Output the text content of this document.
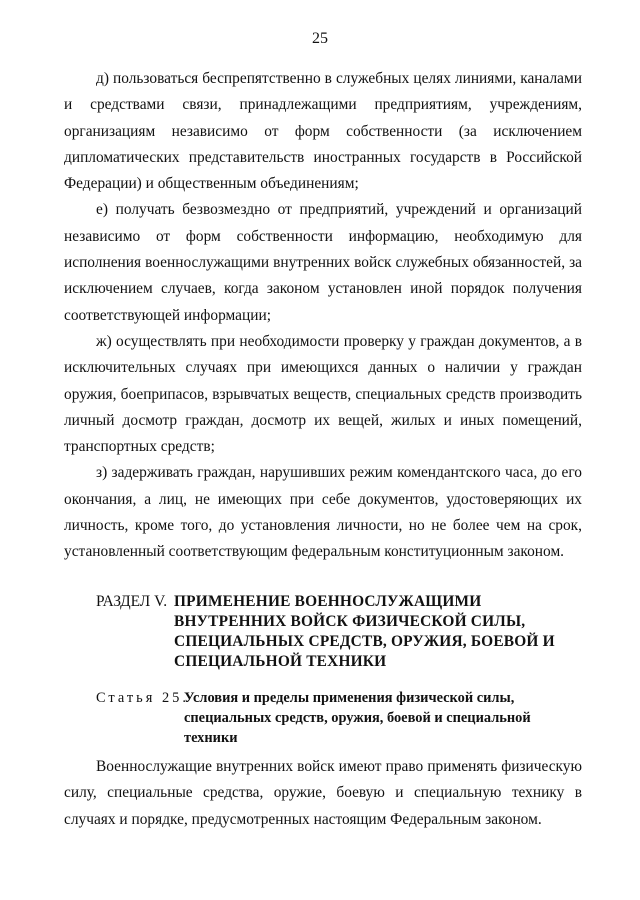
25

д) пользоваться беспрепятственно в служебных целях линиями, каналами и средствами связи, принадлежащими предприятиям, учреждениям, организациям независимо от форм собственности (за исключением дипломатических представительств иностранных государств в Российской Федерации) и общественным объединениям;

е) получать безвозмездно от предприятий, учреждений и организаций независимо от форм собственности информацию, необходимую для исполнения военнослужащими внутренних войск служебных обязанностей, за исключением случаев, когда законом установлен иной порядок получения соответствующей информации;

ж) осуществлять при необходимости проверку у граждан документов, а в исключительных случаях при имеющихся данных о наличии у граждан оружия, боеприпасов, взрывчатых веществ, специальных средств производить личный досмотр граждан, досмотр их вещей, жилых и иных помещений, транспортных средств;

з) задерживать граждан, нарушивших режим комендантского часа, до его окончания, а лиц, не имеющих при себе документов, удостоверяющих их личность, кроме того, до установления личности, но не более чем на срок, установленный соответствующим федеральным конституционным законом.

РАЗДЕЛ V. ПРИМЕНЕНИЕ ВОЕННОСЛУЖАЩИМИ ВНУТРЕННИХ ВОЙСК ФИЗИЧЕСКОЙ СИЛЫ, СПЕЦИАЛЬНЫХ СРЕДСТВ, ОРУЖИЯ, БОЕВОЙ И СПЕЦИАЛЬНОЙ ТЕХНИКИ
Статья 25.
Условия и пределы применения физической силы, специальных средств, оружия, боевой и специальной техники

Военнослужащие внутренних войск имеют право применять физическую силу, специальные средства, оружие, боевую и специальную технику в случаях и порядке, предусмотренных настоящим Федеральным законом.
